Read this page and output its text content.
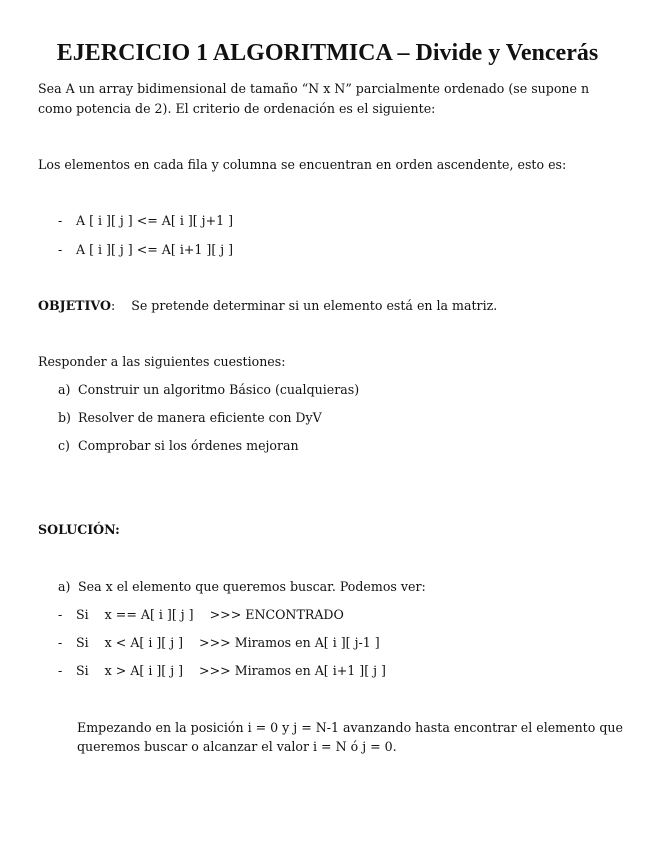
EJERCICIO 1 ALGORITMICA – Divide y Vencerás
Sea A un array bidimensional de tamaño “N x N” parcialmente ordenado (se supone n como potencia de 2). El criterio de ordenación es el siguiente:
Los elementos en cada fila y columna se encuentran en orden ascendente, esto es:
- A [ i ][ j ] <= A[ i ][ j+1 ]
- A [ i ][ j ] <= A[ i+1 ][ j ]
OBJETIVO:    Se pretende determinar si un elemento está en la matriz.
Responder a las siguientes cuestiones:
a) Construir un algoritmo Básico (cualquieras)
b) Resolver de manera eficiente con DyV
c) Comprobar si los órdenes mejoran
SOLUCIÓN:
a) Sea x el elemento que queremos buscar. Podemos ver:
- Si    x == A[ i ][ j ]    >>> ENCONTRADO
- Si    x < A[ i ][ j ]    >>> Miramos en A[ i ][ j-1 ]
- Si    x > A[ i ][ j ]    >>> Miramos en A[ i+1 ][ j ]
Empezando en la posición i = 0 y j = N-1 avanzando hasta encontrar el elemento que
queremos buscar o alcanzar el valor i = N ó j = 0.
